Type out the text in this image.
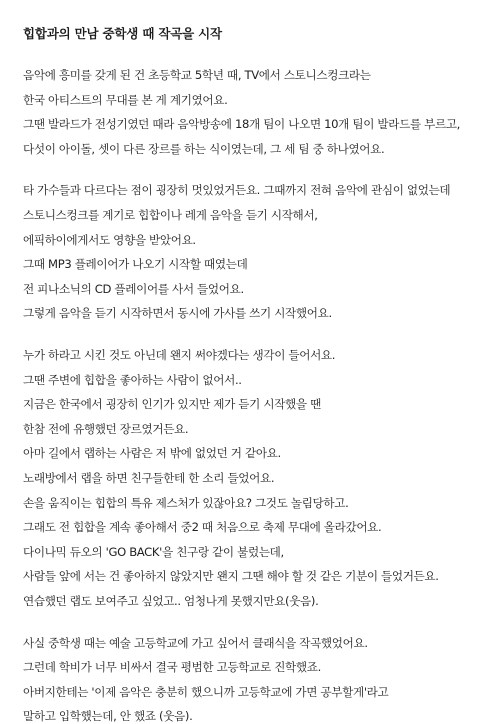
힙합과의 만남 중학생 때 작곡을 시작
음악에 흥미를 갖게 된 건 초등학교 5학년 때, TV에서 스토니스컹크라는
한국 아티스트의 무대를 본 게 계기였어요.
그땐 발라드가 전성기였던 때라 음악방송에 18개 팀이 나오면 10개 팀이 발라드를 부르고,
다섯이 아이돌, 셋이 다른 장르를 하는 식이였는데, 그 세 팀 중 하나였어요.
타 가수들과 다르다는 점이 굉장히 멋있었거든요. 그때까지 전혀 음악에 관심이 없었는데
스토니스컹크를 계기로 힙합이나 레게 음악을 듣기 시작해서,
에픽하이에게서도 영향을 받았어요.
그때 MP3 플레이어가 나오기 시작할 때였는데
전 피나소닉의 CD 플레이어를 사서 들었어요.
그렇게 음악을 듣기 시작하면서 동시에 가사를 쓰기 시작했어요.
누가 하라고 시킨 것도 아닌데 왠지 써야겠다는 생각이 들어서요.
그땐 주변에 힙합을 좋아하는 사람이 없어서..
지금은 한국에서 굉장히 인기가 있지만 제가 듣기 시작했을 땐
한참 전에 유행했던 장르였거든요.
아마 길에서 랩하는 사람은 저 밖에 없었던 거 같아요.
노래방에서 랩을 하면 친구들한테 한 소리 들었어요.
손을 움직이는 힙합의 특유 제스처가 있잖아요? 그것도 놀림당하고.
그래도 전 힙합을 계속 좋아해서 중2 때 처음으로 축제 무대에 올라갔어요.
다이나믹 듀오의 'GO BACK'을 친구랑 같이 불렀는데,
사람들 앞에 서는 건 좋아하지 않았지만 왠지 그땐 해야 할 것 같은 기분이 들었거든요.
연습했던 랩도 보여주고 싶었고.. 엄청나게 못했지만요(웃음).
사실 중학생 때는 예술 고등학교에 가고 싶어서 클래식을 작곡했었어요.
그런데 학비가 너무 비싸서 결국 평범한 고등학교로 진학했죠.
아버지한테는 '이제 음악은 충분히 했으니까 고등학교에 가면 공부할게'라고
말하고 입학했는데, 안 했죠 (웃음).
